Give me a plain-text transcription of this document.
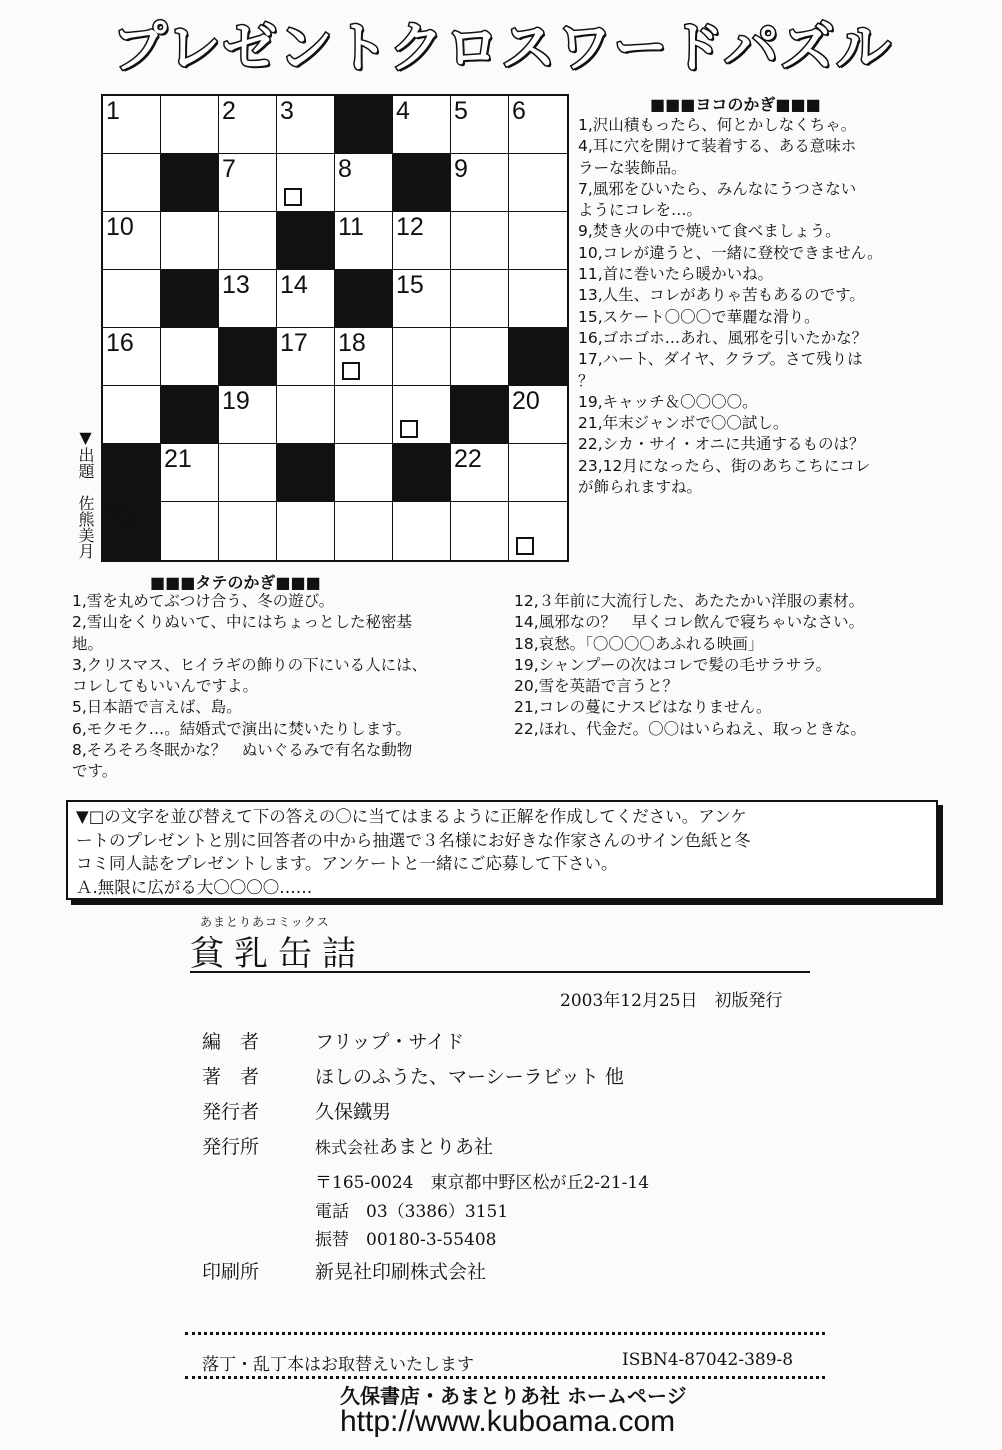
プレゼントクロスワードパズル
1	2 3	4 5 6
7	8	9
10	11 12
13 14	15
16	17 18
19	20
21	22
23
■■■ヨコのかぎ■■■

1,沢山積もったら、何とかしなくちゃ。

4,耳に穴を開けて装着する、ある意味ホ

ラーな装飾品。

7,風邪をひいたら、みんなにうつさない

ようにコレを…。

9,焚き火の中で焼いて食べましょう。

10,コレが違うと、一緒に登校できません。

11,首に巻いたら暖かいね。

13,人生、コレがありゃ苦もあるのです。

15,スケート〇〇〇で華麗な滑り。

16,ゴホゴホ…あれ、風邪を引いたかな？

17,ハート、ダイヤ、クラブ。さて残りは

？

19,キャッチ＆〇〇〇〇。

21,年末ジャンボで〇〇試し。

22,シカ・サイ・オニに共通するものは？

23,12月になったら、街のあちこちにコレ

が飾られますね。

▼出題　佐熊美月
■■■タテのかぎ■■■

1,雪を丸めてぶつけ合う、冬の遊び。

2,雪山をくりぬいて、中にはちょっとした秘密基

地。

3,クリスマス、ヒイラギの飾りの下にいる人には、

コレしてもいいんですよ。

5,日本語で言えば、島。

6,モクモク…。結婚式で演出に焚いたりします。

8,そろそろ冬眠かな？　ぬいぐるみで有名な動物

です。

12,３年前に大流行した、あたたかい洋服の素材。

14,風邪なの？　早くコレ飲んで寝ちゃいなさい。

18,哀愁。「〇〇〇〇あふれる映画」

19,シャンプーの次はコレで髪の毛サラサラ。

20,雪を英語で言うと？

21,コレの蔓にナスビはなりません。

22,ほれ、代金だ。〇〇はいらねえ、取っときな。

▼□の文字を並び替えて下の答えの〇に当てはまるように正解を作成してください。アンケ

ートのプレゼントと別に回答者の中から抽選で３名様にお好きな作家さんのサイン色紙と冬

コミ同人誌をプレゼントします。アンケートと一緒にご応募して下さい。

Ａ.無限に広がる大〇〇〇〇……

あまとりあコミックス
貧乳缶詰
2003年12月25日　初版発行
編　者	フリップ・サイド
著　者	ほしのふうた、マーシーラビット 他
発行者	久保鐵男
発行所	株式会社あまとりあ社
〒165-0024　東京都中野区松が丘2-21-14
電話　03（3386）3151
振替　00180-3-55408
印刷所	新晃社印刷株式会社
落丁・乱丁本はお取替えいたします	ISBN4-87042-389-8
久保書店・あまとりあ社 ホームページ
http://www.kuboama.com
